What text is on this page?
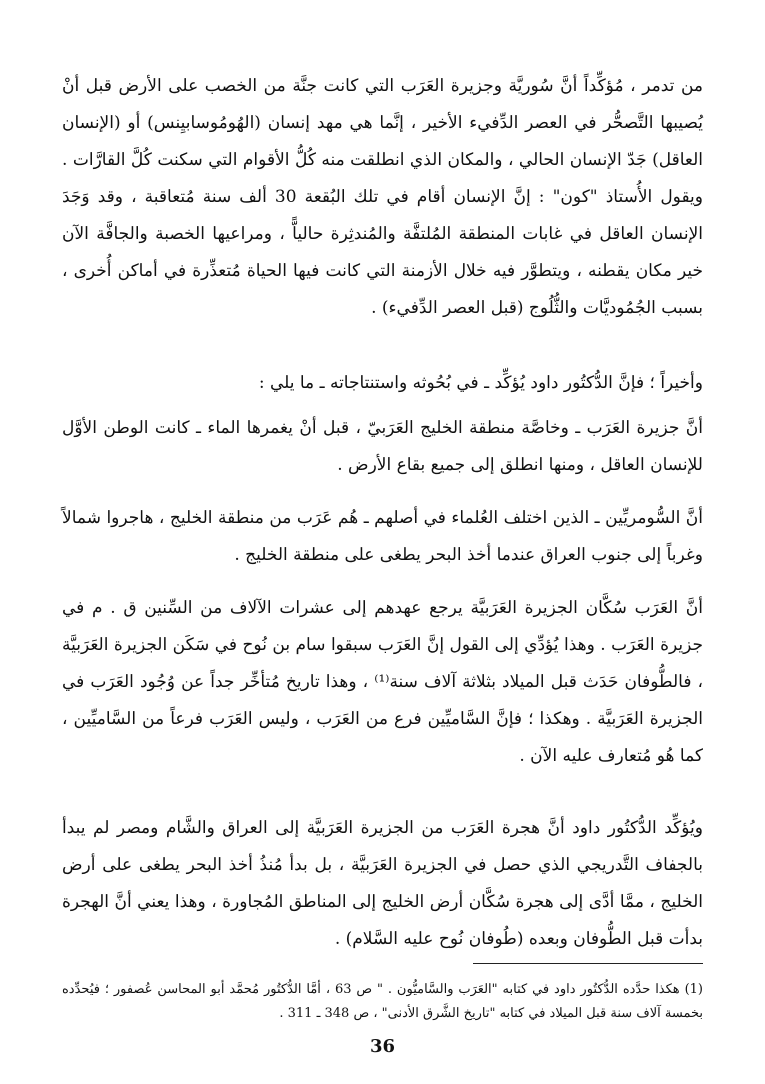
من تدمر ، مُؤكِّداً أنَّ سُوريَّة وجزيرة العَرَب التي كانت جنَّة من الخصب على الأرض قبل أنْ يُصيبها التَّصحُّر في العصر الدِّفيء الأخير ، إنَّما هي مهد إنسان (الهُومُوسابيِنس) أو (الإنسان العاقل) جَدّ الإنسان الحالي ، والمكان الذي انطلقت منه كُلُّ الأقوام التي سكنت كُلَّ القارَّات . ويقول الأُستاذ "كون" : إنَّ الإنسان أقام في تلك البُقعة 30 ألف سنة مُتعاقبة ، وقد وَجَدَ الإنسان العاقل في غابات المنطقة المُلتفَّة والمُندثِرة حالياًّ ، ومراعيها الخصبة والجافَّة الآن خير مكان يقطنه ، ويتطوَّر فيه خلال الأزمنة التي كانت فيها الحياة مُتعذِّرة في أماكن أُخرى ، بسبب الجُمُوديَّات والثُّلُوج (قبل العصر الدِّفيء) .

وأخيراً ؛ فإنَّ الدُّكتُور داود يُؤكِّد ـ في بُحُوثه واستنتاجاته ـ ما يلي :

أنَّ جزيرة العَرَب ـ وخاصَّة منطقة الخليج العَرَبيّ ، قبل أنْ يغمرها الماء ـ كانت الوطن الأوَّل للإنسان العاقل ، ومنها انطلق إلى جميع بقاع الأرض .

أنَّ السُّومريِّين ـ الذين اختلف العُلماء في أصلهم ـ هُم عَرَب من منطقة الخليج ، هاجروا شمالاً وغرباً إلى جنوب العراق عندما أخذ البحر يطغى على منطقة الخليج .

أنَّ العَرَب سُكَّان الجزيرة العَرَبيَّة يرجع عهدهم إلى عشرات الآلاف من السِّنين ق . م في جزيرة العَرَب . وهذا يُؤدِّي إلى القول إنَّ العَرَب سبقوا سام بن نُوح في سَكَن الجزيرة العَرَبيَّة ، فالطُّوفان حَدَث قبل الميلاد بثلاثة آلاف سنة⁽¹⁾ ، وهذا تاريخ مُتأخِّر جداً عن وُجُود العَرَب في الجزيرة العَرَبيَّة . وهكذا ؛ فإنَّ السَّاميِّين فرع من العَرَب ، وليس العَرَب فرعاً من السَّاميِّين ، كما هُو مُتعارف عليه الآن .

ويُؤكِّد الدُّكتُور داود أنَّ هجرة العَرَب من الجزيرة العَرَبيَّة إلى العراق والشَّام ومصر لم يبدأ بالجفاف التَّدريجي الذي حصل في الجزيرة العَرَبيَّة ، بل بدأ مُنذُ أخذ البحر يطغى على أرض الخليج ، ممَّا أدَّى إلى هجرة سُكَّان أرض الخليج إلى المناطق المُجاورة ، وهذا يعني أنَّ الهجرة بدأت قبل الطُّوفان وبعده (طُوفان نُوح عليه السَّلام) .

(1) هكذا حدَّده الدُّكتُور داود في كتابه "العَرَب والسَّاميُّون . " ص 63 ، أمَّا الدُّكتُور مُحمَّد أبو المحاسن عُصفور ؛ فيُحدِّده بخمسة آلاف سنة قبل الميلاد في كتابه "تاريخ الشَّرق الأدنى" ، ص 348 ـ 311 .

36
